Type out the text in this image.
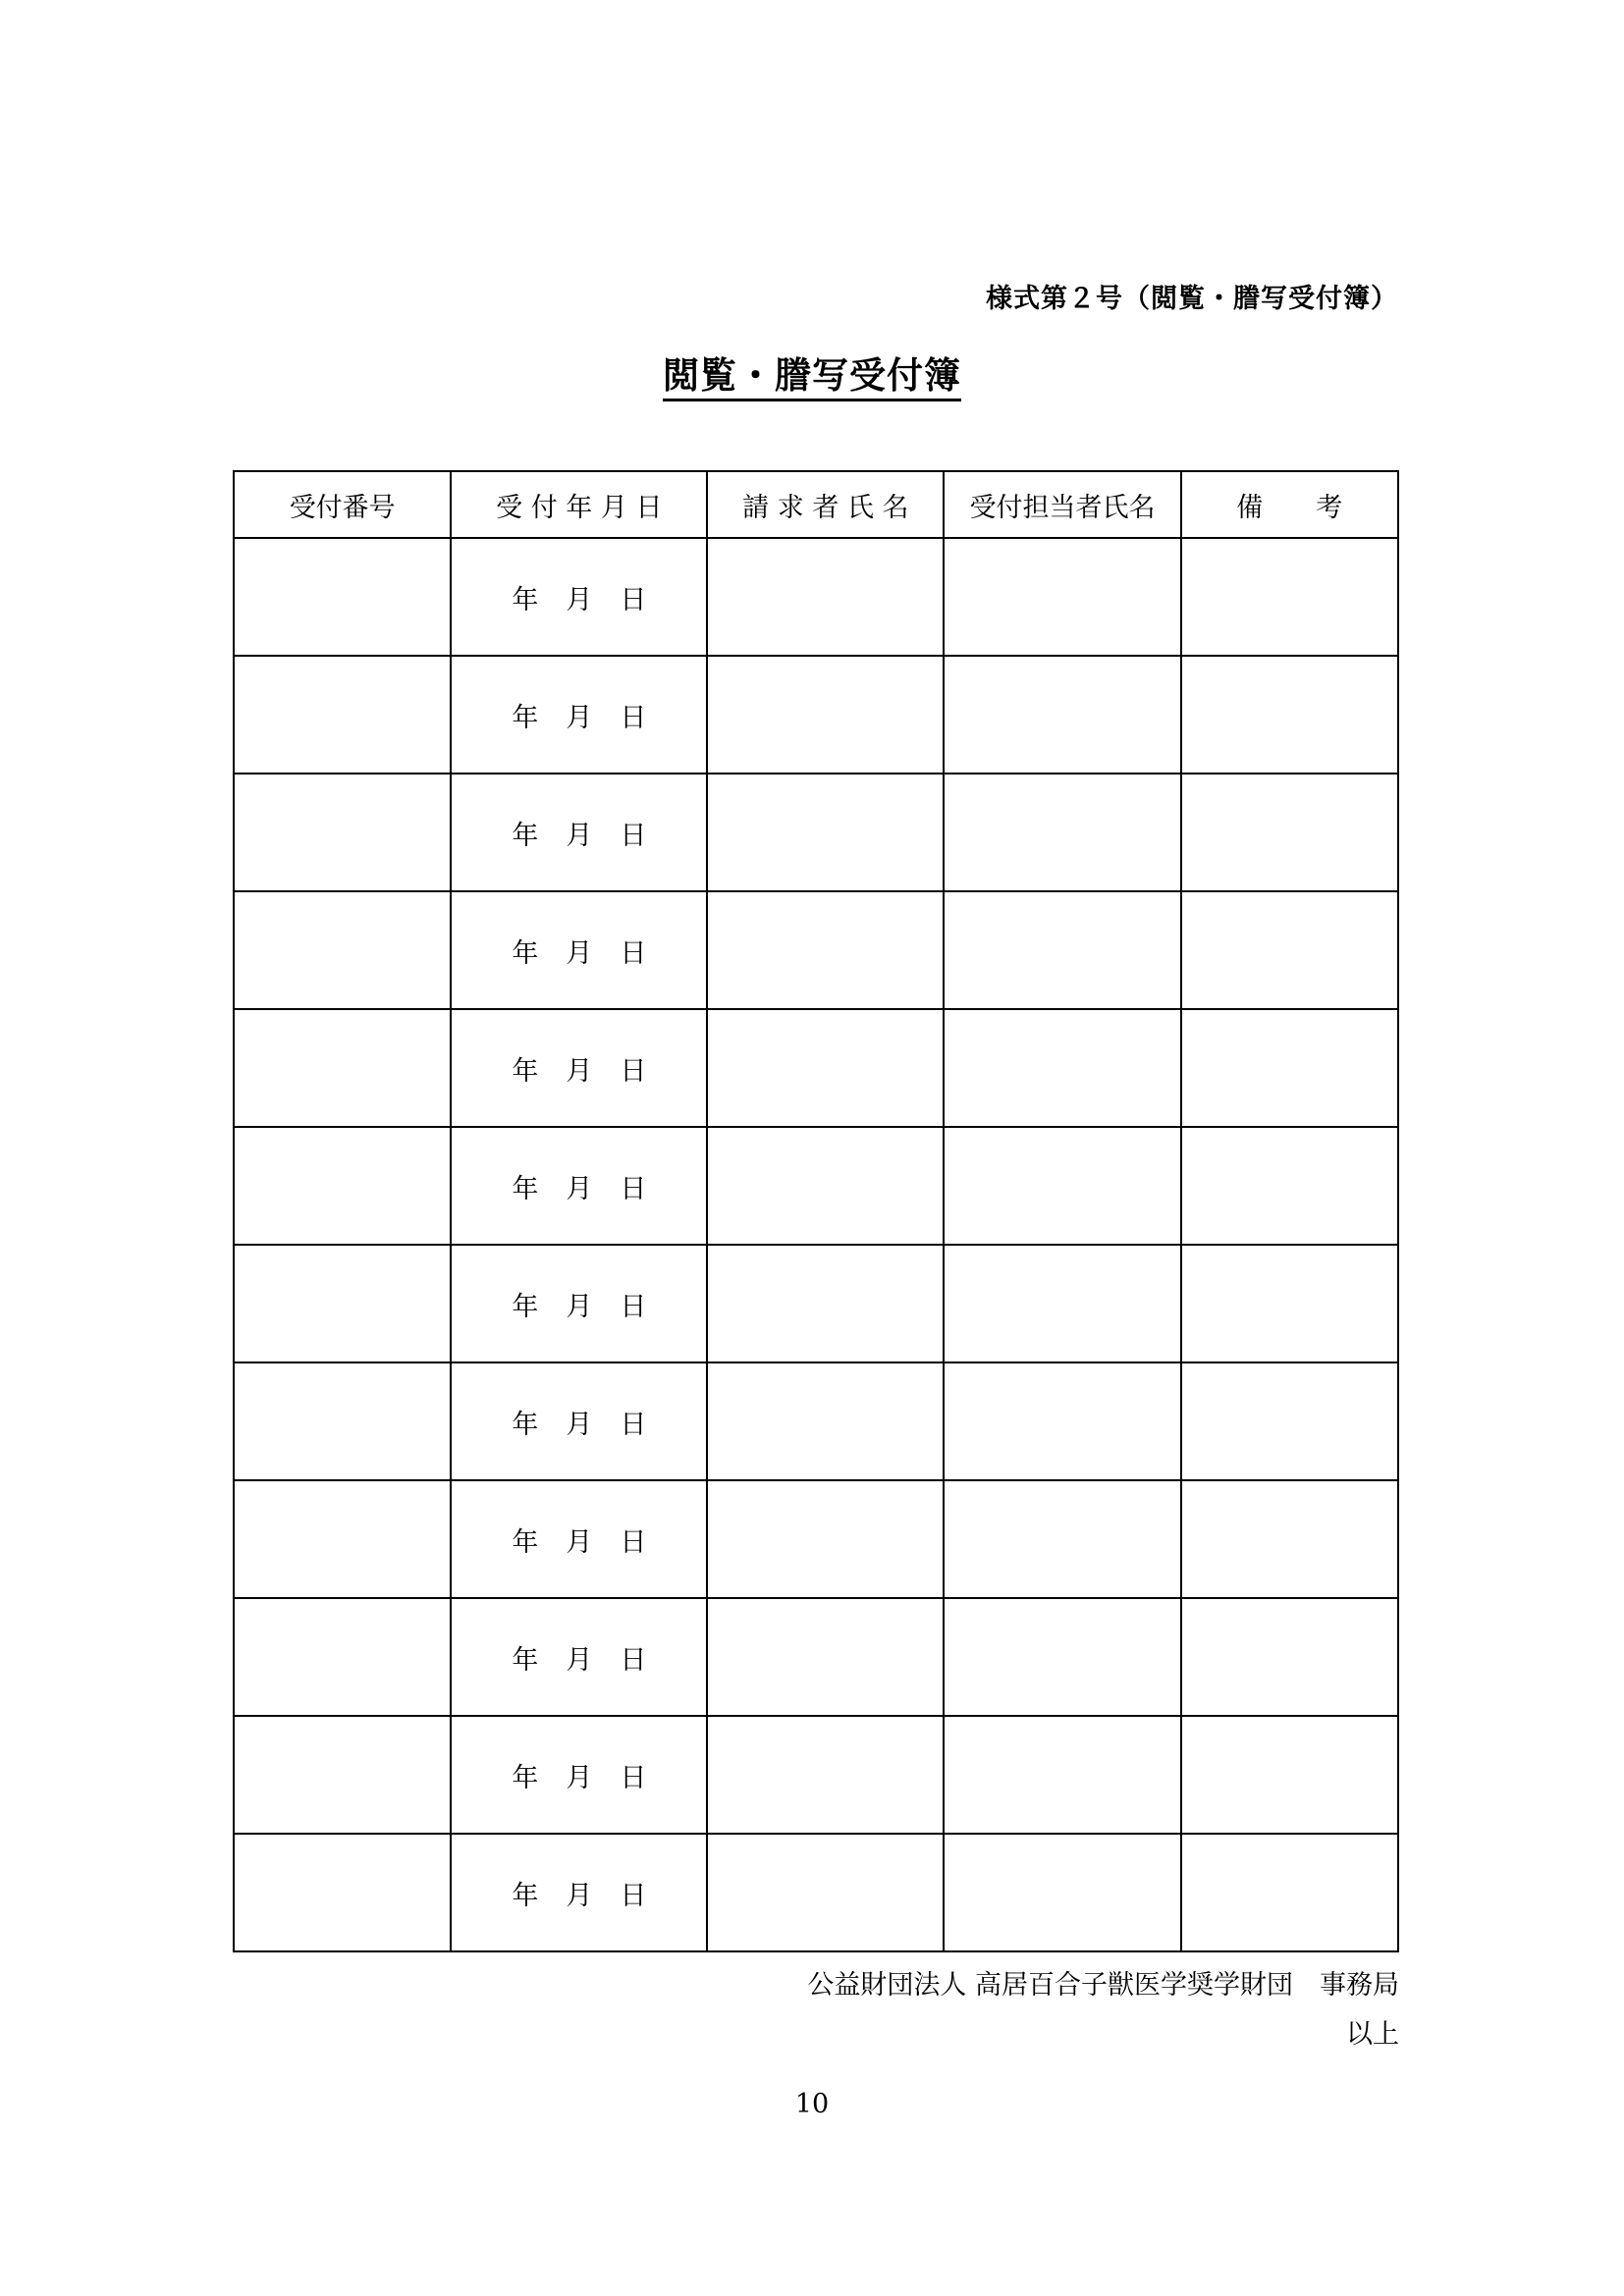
様式第２号（閲覧・謄写受付簿）
閲覧・謄写受付簿
受付番号	受 付 年 月 日	請 求 者 氏 名	受付担当者氏名	備　　考
	年 月 日			
	年 月 日			
	年 月 日			
	年 月 日			
	年 月 日			
	年 月 日			
	年 月 日			
	年 月 日			
	年 月 日			
	年 月 日			
	年 月 日			
	年 月 日			
公益財団法人 高居百合子獣医学奨学財団　事務局
以上
10
